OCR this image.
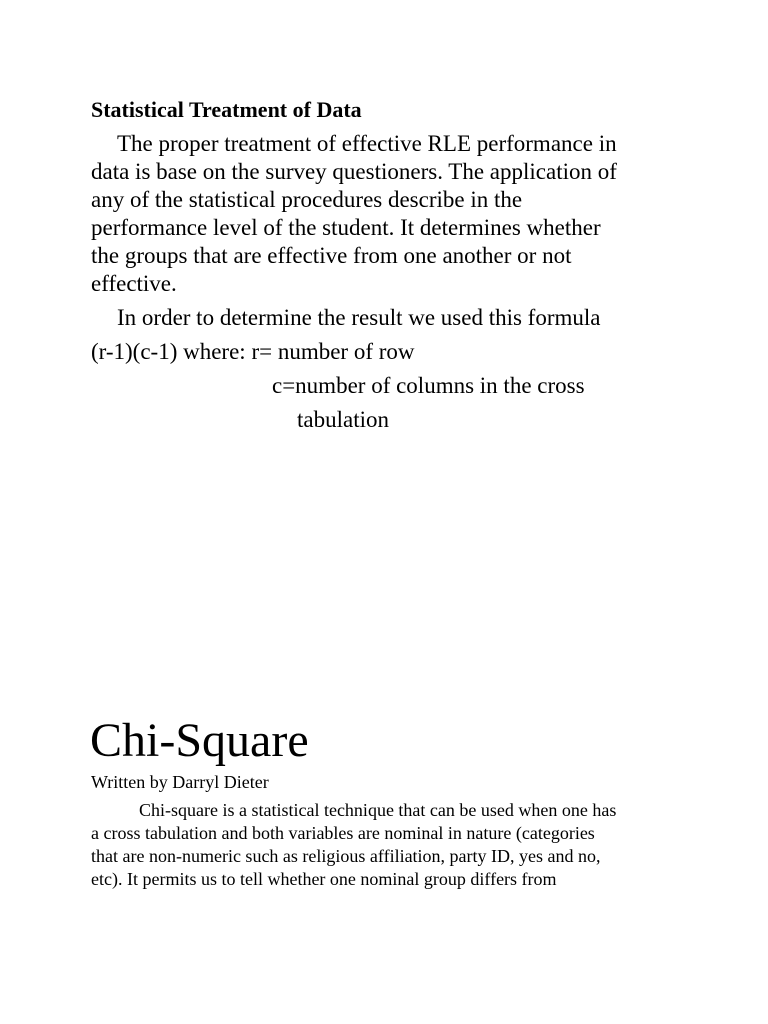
Statistical Treatment of Data

The proper treatment of effective RLE performance in
data is base on the survey questioners. The application of
any of the statistical procedures describe in the
performance level of the student. It determines whether
the groups that are effective from one another or not
effective.

In order to determine the result we used this formula

(r-1)(c-1) where: r= number of row

c=number of columns in the cross

tabulation

Chi-Square

Written by Darryl Dieter

Chi-square is a statistical technique that can be used when one has
a cross tabulation and both variables are nominal in nature (categories
that are non-numeric such as religious affiliation, party ID, yes and no,
etc). It permits us to tell whether one nominal group differs from
